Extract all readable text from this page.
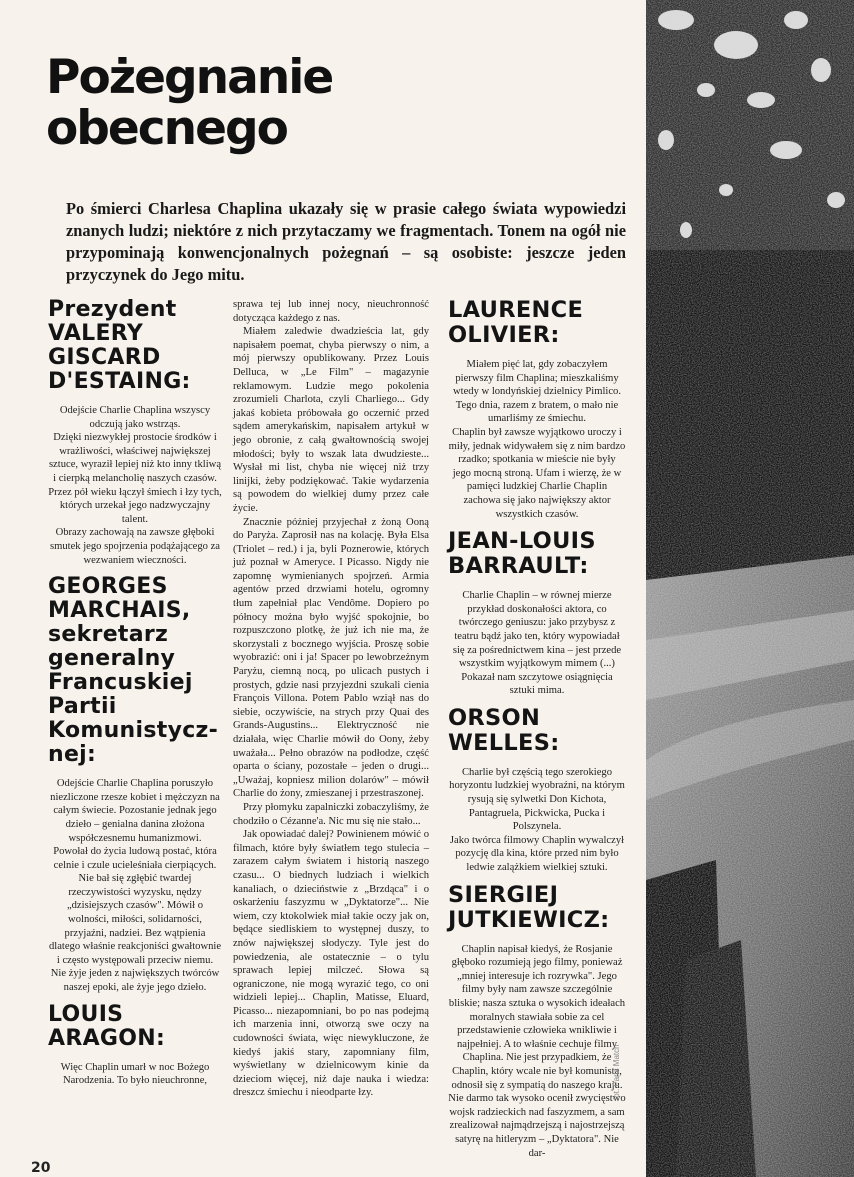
Pożegnanie
obecnego

Po śmierci Charlesa Chaplina ukazały się w prasie całego świata wypowiedzi znanych ludzi; niektóre z nich przytaczamy we fragmentach. Tonem na ogół nie przypominają konwencjonalnych pożegnań – są osobiste: jeszcze jeden przyczynek do Jego mitu.

Prezydent VALERY GISCARD D'ESTAING:

Odejście Charlie Chaplina wszyscy odczują jako wstrząs.

Dzięki niezwykłej prostocie środków i wrażliwości, właściwej największej sztuce, wyraził lepiej niż kto inny tkliwą i cierpką melancholię naszych czasów.

Przez pół wieku łączył śmiech i łzy tych, których urzekał jego nadzwyczajny talent.

Obrazy zachowają na zawsze głęboki smutek jego spojrzenia podążającego za wezwaniem wieczności.

GEORGES MARCHAIS, sekretarz generalny Francuskiej Partii Komunistycz-nej:

Odejście Charlie Chaplina poruszyło niezliczone rzesze kobiet i mężczyzn na całym świecie. Pozostanie jednak jego dzieło – genialna danina złożona współczesnemu humanizmowi.

Powołał do życia ludową postać, która celnie i czule ucieleśniała cierpiących.

Nie bał się zgłębić twardej rzeczywistości wyzysku, nędzy „dzisiejszych czasów". Mówił o wolności, miłości, solidarności, przyjaźni, nadziei. Bez wątpienia dlatego właśnie reakcjoniści gwałtownie i często występowali przeciw niemu.

Nie żyje jeden z największych twórców naszej epoki, ale żyje jego dzieło.

LOUIS ARAGON:

Więc Chaplin umarł w noc Bożego Narodzenia. To było nieuchronne,

sprawa tej lub innej nocy, nieuchronność dotycząca każdego z nas.

Miałem zaledwie dwadzieścia lat, gdy napisałem poemat, chyba pierwszy o nim, a mój pierwszy opublikowany. Przez Louis Delluca, w „Le Film" – magazynie reklamowym. Ludzie mego pokolenia zrozumieli Charlota, czyli Charliego... Gdy jakaś kobieta próbowała go oczernić przed sądem amerykańskim, napisałem artykuł w jego obronie, z całą gwałtownością swojej młodości; były to wszak lata dwudzieste... Wysłał mi list, chyba nie więcej niż trzy linijki, żeby podziękować. Takie wydarzenia są powodem do wielkiej dumy przez całe życie.

Znacznie później przyjechał z żoną Ooną do Paryża. Zaprosił nas na kolację. Była Elsa (Triolet – red.) i ja, byli Poznerowie, których już poznał w Ameryce. I Picasso. Nigdy nie zapomnę wymienianych spojrzeń. Armia agentów przed drzwiami hotelu, ogromny tłum zapełniał plac Vendôme. Dopiero po północy można było wyjść spokojnie, bo rozpuszczono plotkę, że już ich nie ma, że skorzystali z bocznego wyjścia. Proszę sobie wyobrazić: oni i ja! Spacer po lewobrzeżnym Paryżu, ciemną nocą, po ulicach pustych i prostych, gdzie nasi przyjezdni szukali cienia François Villona. Potem Pablo wziął nas do siebie, oczywiście, na strych przy Quai des Grands-Augustins... Elektryczność nie działała, więc Charlie mówił do Oony, żeby uważała... Pełno obrazów na podłodze, część oparta o ściany, pozostałe – jeden o drugi... „Uważaj, kopniesz milion dolarów" – mówił Charlie do żony, zmieszanej i przestraszonej.

Przy płomyku zapalniczki zobaczyliśmy, że chodziło o Cézanne'a. Nic mu się nie stało...

Jak opowiadać dalej? Powinienem mówić o filmach, które były światłem tego stulecia – zarazem całym światem i historią naszego czasu... O biednych ludziach i wielkich kanaliach, o dzieciństwie z „Brzdąca" i o oskarżeniu faszyzmu w „Dyktatorze"... Nie wiem, czy ktokolwiek miał takie oczy jak on, będące siedliskiem to występnej duszy, to znów największej słodyczy. Tyle jest do powiedzenia, ale ostatecznie – o tylu sprawach lepiej milczeć. Słowa są ograniczone, nie mogą wyrazić tego, co oni widzieli lepiej... Chaplin, Matisse, Eluard, Picasso... niezapomniani, bo po nas podejmą ich marzenia inni, otworzą swe oczy na cudowności świata, więc niewykluczone, że kiedyś jakiś stary, zapomniany film, wyświetlany w dzielnicowym kinie da dzieciom więcej, niż daje nauka i wiedza: dreszcz śmiechu i nieodparte łzy.

LAURENCE OLIVIER:

Miałem pięć lat, gdy zobaczyłem pierwszy film Chaplina; mieszkaliśmy wtedy w londyńskiej dzielnicy Pimlico. Tego dnia, razem z bratem, o mało nie umarliśmy ze śmiechu.

Chaplin był zawsze wyjątkowo uroczy i miły, jednak widywałem się z nim bardzo rzadko; spotkania w mieście nie były jego mocną stroną. Ufam i wierzę, że w pamięci ludzkiej Charlie Chaplin zachowa się jako największy aktor wszystkich czasów.

JEAN-LOUIS BARRAULT:

Charlie Chaplin – w równej mierze przykład doskonałości aktora, co twórczego geniuszu: jako przybysz z teatru bądź jako ten, który wypowiadał się za pośrednictwem kina – jest przede wszystkim wyjątkowym mimem (...) Pokazał nam szczytowe osiągnięcia sztuki mima.

ORSON WELLES:

Charlie był częścią tego szerokiego horyzontu ludzkiej wyobraźni, na którym rysują się sylwetki Don Kichota, Pantagruela, Pickwicka, Pucka i Polszynela.

Jako twórca filmowy Chaplin wywalczył pozycję dla kina, które przed nim było ledwie zalążkiem wielkiej sztuki.

SIERGIEJ JUTKIEWICZ:

Chaplin napisał kiedyś, że Rosjanie głęboko rozumieją jego filmy, ponieważ „mniej interesuje ich rozrywka". Jego filmy były nam zawsze szczególnie bliskie; nasza sztuka o wysokich ideałach moralnych stawiała sobie za cel przedstawienie człowieka wnikliwie i najpełniej. A to właśnie cechuje filmy Chaplina. Nie jest przypadkiem, że Chaplin, który wcale nie był komunistą, odnosił się z sympatią do naszego kraju. Nie darmo tak wysoko ocenił zwycięstwo wojsk radzieckich nad faszyzmem, a sam zrealizował najmądrzejszą i najostrzejszą satyrę na hitleryzm – „Dyktatora". Nie dar-

20
fot. Paris Match
